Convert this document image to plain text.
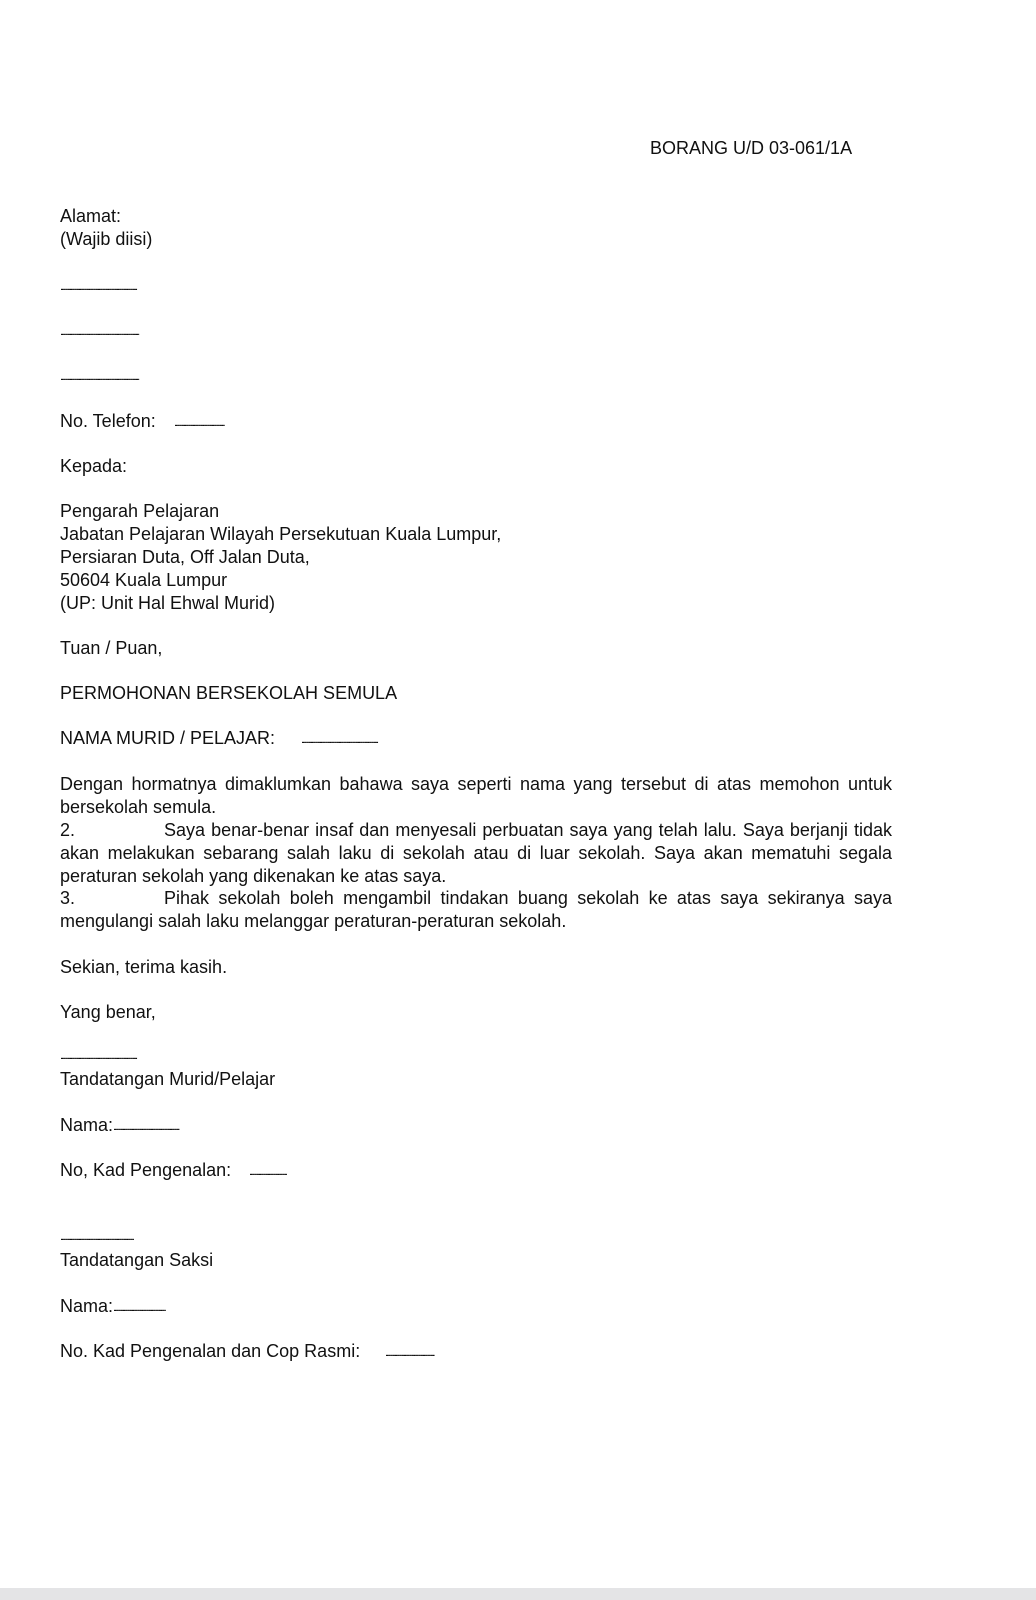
BORANG U/D 03-061/1A
Alamat:
(Wajib diisi)
........................................................................
..........................................................................
..........................................................................
No. Telefon: ...............................................
Kepada:
Pengarah Pelajaran
Jabatan Pelajaran Wilayah Persekutuan Kuala Lumpur,
Persiaran Duta, Off Jalan Duta,
50604 Kuala Lumpur
(UP: Unit Hal Ehwal Murid)
Tuan / Puan,
PERMOHONAN BERSEKOLAH SEMULA
NAMA MURID / PELAJAR: ........................................................................
Dengan hormatnya dimaklumkan bahawa saya seperti nama yang tersebut di atas memohon untuk bersekolah semula.
2.	Saya benar-benar insaf dan menyesali perbuatan saya yang telah lalu. Saya berjanji tidak akan melakukan sebarang salah laku di sekolah atau di luar sekolah. Saya akan mematuhi segala peraturan sekolah yang dikenakan ke atas saya.
3.	Pihak sekolah boleh mengambil tindakan buang sekolah ke atas saya sekiranya saya mengulangi salah laku melanggar peraturan-peraturan sekolah.
Sekian, terima kasih.
Yang benar,
........................................................................
Tandatangan Murid/Pelajar
Nama: ..............................................................
No, Kad Pengenalan: ...................................
.....................................................................
Tandatangan Saksi
Nama: .................................................
No. Kad Pengenalan dan Cop Rasmi: ..............................................
